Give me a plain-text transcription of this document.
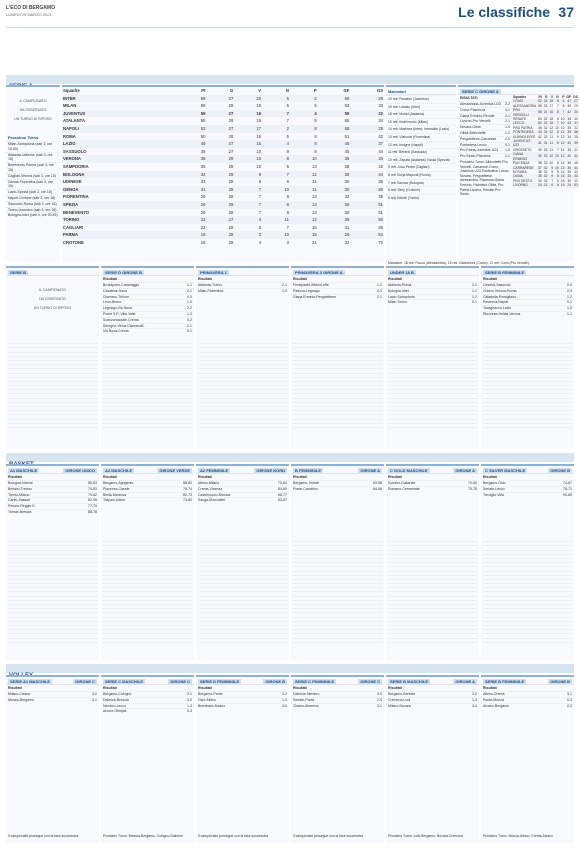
L'ECO DI BERGAMO
LUNEDÌ 29 MARZO 2021	Le classifiche 37
IL CAMPIONATO
HA OSSERVATO
UN TURNO DI RIPOSO
Prossimo Turno
Milan-Sampdoria (sab 3, ore 15.00)
Atalanta-Udinese (sab 3, ore 15)
Benevento-Parma (sab 3, ore 15)
Cagliari-Verona (sab 3, ore 15)
Genoa-Fiorentina (sab 3, ore 15)
Lazio-Spezia (sab 3, ore 15)
Napoli-Crotone (sab 3, ore 18)
Sassuolo-Roma (sab 3, ore 15)
Torino-Juventus (sab 3, ore 18)
Bologna-Inter (sab 3, ore 20.45)
Squadre	Pt	G	V	N	P	GF	GS
INTER	65	27	20	5	2	65	26
MILAN	59	28	18	5	5	53	33
JUVENTUS	55	27	16	7	4	55	22
ATALANTA	55	28	16	7	5	65	34
NAPOLI	53	27	17	2	8	58	29
ROMA	50	28	15	5	8	51	42
LAZIO	49	27	15	4	8	40	37
SASSUOLO	39	27	10	9	8	45	44
VERONA	38	28	10	8	10	36	34
SAMPDORIA	35	28	10	5	13	38	42
BOLOGNA	34	28	9	7	12	39	44
UDINESE	33	28	8	9	11	30	36
GENOA	31	28	7	10	11	30	40
FIORENTINA	29	28	7	8	13	33	45
SPEZIA	29	28	7	8	13	36	51
BENEVENTO	29	28	7	8	13	30	51
TORINO	23	27	4	11	12	39	50
CAGLIARI	22	28	5	7	16	31	48
PARMA	19	28	3	10	15	26	54
CROTONE	15	28	4	3	21	32	70
Marcatori
23 reti: Ronaldo (Juventus)
19 reti: Lukaku (Inter)
18 reti: Muriel (Atalanta)
15 reti: Ibrahimovic (Milan)
14 reti: Martinez (Inter); Immobile (Lazio)
13 reti: Vlahovic (Fiorentina)
12 reti: Insigne (Napoli)
11 reti: Berardi (Sassuolo)
10 reti: Zapata (Atalanta); Nzola (Spezia)
9 reti: Joao Pedro (Cagliari)
8 reti: Borja Mayoral (Roma)
7 reti: Barrow (Bologna)
6 reti: Simy (Crotone)
5 reti: Belotti (Torino)
SERIE C GIRONE A
RISULTATI
Alessandria-Juventus U23 2-2
Como-Piacenza	4-1
Giana Erminio-Renate	2-1
Livorno-Pro Vercelli	2-1
Novara-Olbia	1-0
Olbia-Albinoleffe	1-2
Pergolettese-Carrarese 2-0
Pontedera-Lecco	0-1
Pro Patria-Juventus U23 1-0
Pro Sesto-Pistoiese	1-1
Prossimo Turno: Albinoleffe-Pro Vercelli, Carrarese-Como, Juventus U23-Pontedera, Lecco-Novara, Pergolettese-Alessandria, Piacenza-Giana Erminio, Pistoiese-Olbia, Pro Patria-Livorno, Renate-Pro Sesto.
Squadre	Pt	G	V	N	P	GF	GS
COMO	62	32	18	8	6	47	27
ALESSANDRIA	58	32	17	7	8	49	29
PRO VERCELLI	56	31	16	8	7	42	30
RENATE	54	32	16	6	10	34	30
LECCO	52	32	15	7	10	43	37
PRO PATRIA	46	32	12	10	10	35	32
PONTEDERA	44	32	12	8	12	39	38
ALBINOLEFFE	42	32	11	9	12	34	35
JUVENTUS U23	41	31	11	8	12	40	39
GROSSETO	40	32	11	7	14	35	41
GIANA ERMINIO	40	32	10	10	12	40	41
PIACENZA	38	32	10	8	14	36	48
CARRARESE	37	32	9	10	13	36	41
NOVARA	36	32	9	9	14	35	40
OLBIA	35	32	9	8	15	33	43
PRO SESTO	30	32	7	9	16	30	42
LIVORNO	24	31	6	6	19	24	53
Marcatori: 18 reti: Rocca (Alessandria); 15 reti: Gabrielloni (Como); 12 reti: Comi (Pro Vercelli).
SERIE B
IL CAMPIONATO
HA OSSERVATO
UN TURNO DI RIPOSO
SERIE D GIRONE B
Risultati
Brusaporto-Caravaggio	1-1
Casatese-Sona	2-1
Ciserano-Tritium	0-0
Leon-Breno	1-0
Legnago-Vis Nova	2-2
Ponte S.P.-Villa Valle	1-2
Scanzorosciate-Crema	0-2
Seregno-Virtus CiseranoB.	2-1
Vis Nova-Crema	0-1
PRIMAVERA 1
Risultati
Atalanta-Torino	2-1
Milan-Fiorentina	1-0
PRIMAVERA 3 GIRONE A
Risultati
Feralpisalò-AlbinoLeffe	1-2
Padova-Legnago	0-3
Giana Erminio-Pergolettese	2-1
UNDER 18 B
Risultati
Atalanta-Roma	3-1
Bologna-Inter	1-1
Lazio-Sampdoria	1-2
Milan-Torino	0-1
SERIE B FEMMINILE
Risultati
Cesena-Sassuolo	0-0
Chievo Verona-Roma	2-3
Cittadella-Pomigliano	1-2
Ravenna-Napoli	0-1
Tavagnacco-Lazio	1-0
Riozzese-Hellas Verona	1-1
A1 MASCHILE	GIRONE UNICO
Risultati
Bologna-Varese	85-83
Brindisi-Treviso	74-83
Trento-Milano	79-82
Cantù-Sassari	82-95
Pesaro-Reggio E.	77-79
Trieste-Brescia	88-78
A2 MASCHILE	GIRONE VERDE
Risultati
Bergamo-Agrigento	88-80
Piacenza-Casale	79-74
Biella-Mantova	82-73
Trapani-Udine	73-80
A2 FEMMINILE	GIRONE NORD
Risultati
Albino-Milano	70-64
Crema-Vicenza	84-65
Castelnuovo-Brescia	68-77
Sanga-Moncalieri	63-57
B FEMMINILE	GIRONE A
Risultati
Bergamo-Trieste	63-58
Ponte-Cavallino	64-66
C GOLD MASCHILE	GIRONE A
Risultati
Sondrio-Gallarate	70-69
Romano-Cermenate	70-75
C SILVER MASCHILE	GIRONE B
Risultati
Bergamo-Osio	74-67
Seriate-Lecco	78-71
Treviglio-Villa	90-65
SERIE A1 MASCHILE	GIRONE C
Risultati
Milano-Cisano	3-0
Monza-Bergamo	3-1
Il campionato prosegue con la fase successiva
SERIE C MASCHILE	GIRONE C
Risultati
Bergamo-Cologno	3-1
Dalmine-Brescia	3-0
Nembro-Lecco	1-3
Arcore-Olimpia	0-3
Prossimo Turno: Brescia-Bergamo, Cologno-Dalmine
SERIE D FEMMINILE	GIRONE B
Risultati
Bergamo-Ponte	3-2
Osio-Albino	1-3
Brembate-Alzano	3-0
Il campionato prosegue con la fase successiva
SERIE C FEMMINILE	GIRONE C
Risultati
Dalmine-Nembro	3-0
Seriate-Ponte	2-3
Cisano-Almenno	3-1
Il campionato prosegue con la fase successiva
SERIE B MASCHILE	GIRONE A
Risultati
Bergamo-Brescia	3-2
Cremona-Lodi	1-3
Milano-Novara	3-0
Prossimo Turno: Lodi-Bergamo, Novara-Cremona
SERIE B FEMMINILE	GIRONE B
Risultati
Albino-Crema	3-1
Ponte-Monza	0-3
Alzano-Bergamo	2-3
Prossimo Turno: Monza-Albino, Crema-Alzano
